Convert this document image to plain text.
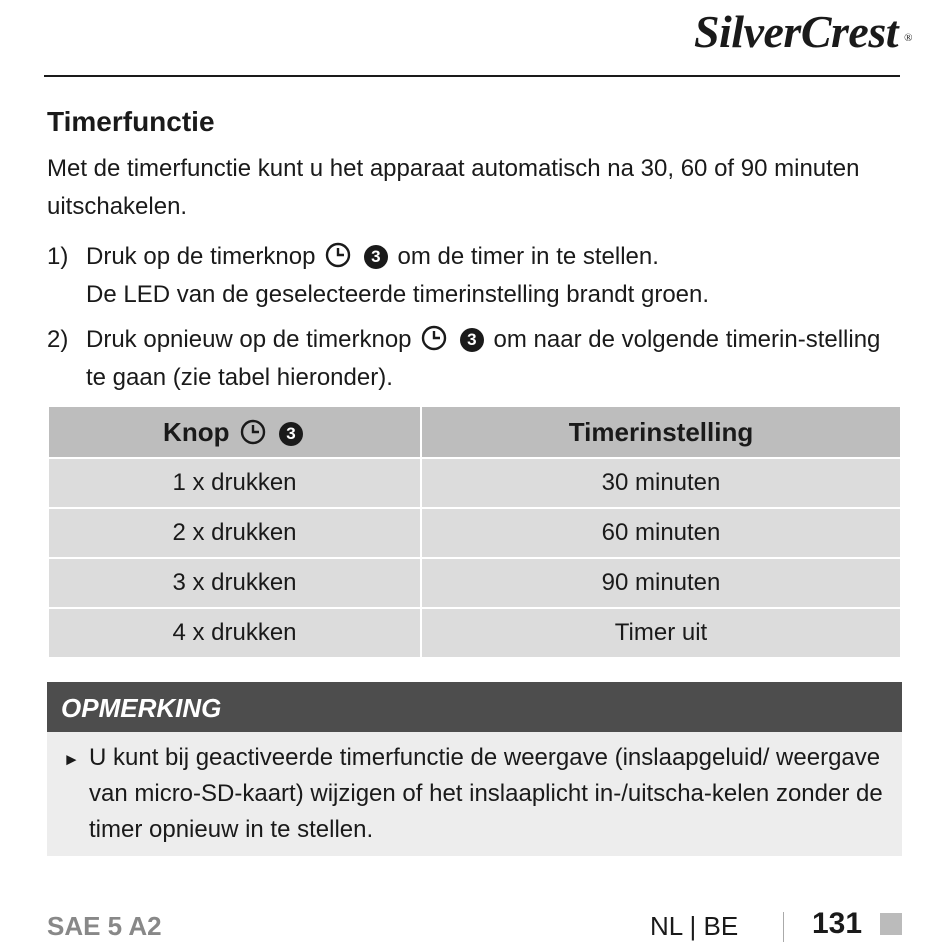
SilverCrest ®
Timerfunctie
Met de timerfunctie kunt u het apparaat automatisch na 30, 60 of 90 minuten uitschakelen.
1) Druk op de timerknop	3 om de timer in te stellen.
De LED van de geselecteerde timerinstelling brandt groen.
2) Druk opnieuw op de timerknop	3 om naar de volgende timerin-stelling te gaan (zie tabel hieronder).
Knop 3	Timerinstelling
1 x drukken	30 minuten
2 x drukken	60 minuten
3 x drukken	90 minuten
4 x drukken	Timer uit
OPMERKING
► U kunt bij geactiveerde timerfunctie de weergave (inslaapgeluid/ weergave van micro-SD-kaart) wijzigen of het inslaaplicht in-/uitscha-kelen zonder de timer opnieuw in te stellen.
SAE 5 A2	NL | BE 131
